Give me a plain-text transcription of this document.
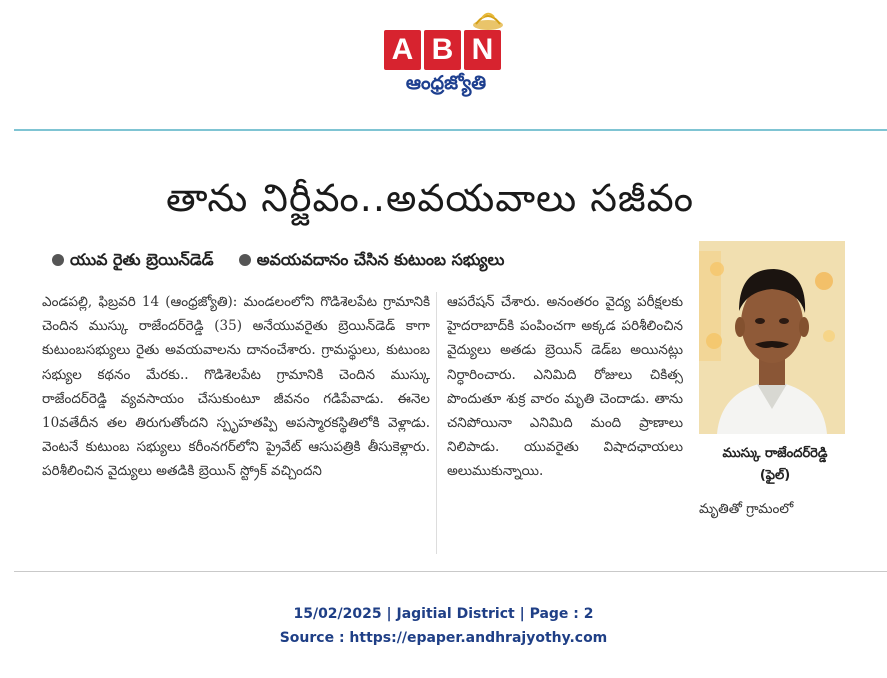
A B N
ఆంధ్రజ్యోతి
తాను నిర్జీవం..అవయవాలు సజీవం
యువ రైతు బ్రెయిన్‌డెడ్	అవయవదానం చేసిన కుటుంబ సభ్యులు

ఎండపల్లి, ఫిబ్రవరి 14 (ఆంధ్రజ్యోతి): మండలంలోని గొడిశెలపేట గ్రామానికి చెందిన ముస్కు రాజేందర్‌రెడ్డి (35) అనేయువరైతు బ్రెయిన్‌డెడ్ కాగా కుటుంబసభ్యులు రైతు అవయవాలను దానంచేశారు. గ్రామస్థులు, కుటుంబ సభ్యుల కథనం మేరకు.. గొడిశెలపేట గ్రామానికి చెందిన ముస్కు రాజేందర్‌రెడ్డి వ్యవసాయం చేసుకుంటూ జీవనం గడిపేవాడు. ఈనెల 10వతేదీన తల తిరుగుతోందని స్పృహతప్పి అపస్మారకస్థితిలోకి వెళ్లాడు. వెంటనే కుటుంబ సభ్యులు కరీంనగర్‌లోని ప్రైవేట్ ఆసుపత్రికి తీసుకెళ్లారు. పరిశీలించిన వైద్యులు అతడికి బ్రెయిన్ స్ట్రోక్ వచ్చిందని

ఆపరేషన్ చేశారు. అనంతరం వైద్య పరీక్షలకు హైదరాబాద్‌కి పంపించగా అక్కడ పరిశీలించిన వైద్యులు అతడు బ్రెయిన్ డెడ్‌బ అయినట్లు నిర్ధారించారు. ఎనిమిది రోజులు చికిత్స పొందుతూ శుక్ర వారం మృతి చెందాడు. తాను చనిపోయినా ఎనిమిది మంది ప్రాణాలు నిలిపాడు. యువరైతు విషాదఛాయలు అలుముకున్నాయి.

ముస్కు రాజేందర్‌రెడ్డి
(ఫైల్)
మృతితో గ్రామంలో
15/02/2025 | Jagitial District | Page : 2
Source : https://epaper.andhrajyothy.com
